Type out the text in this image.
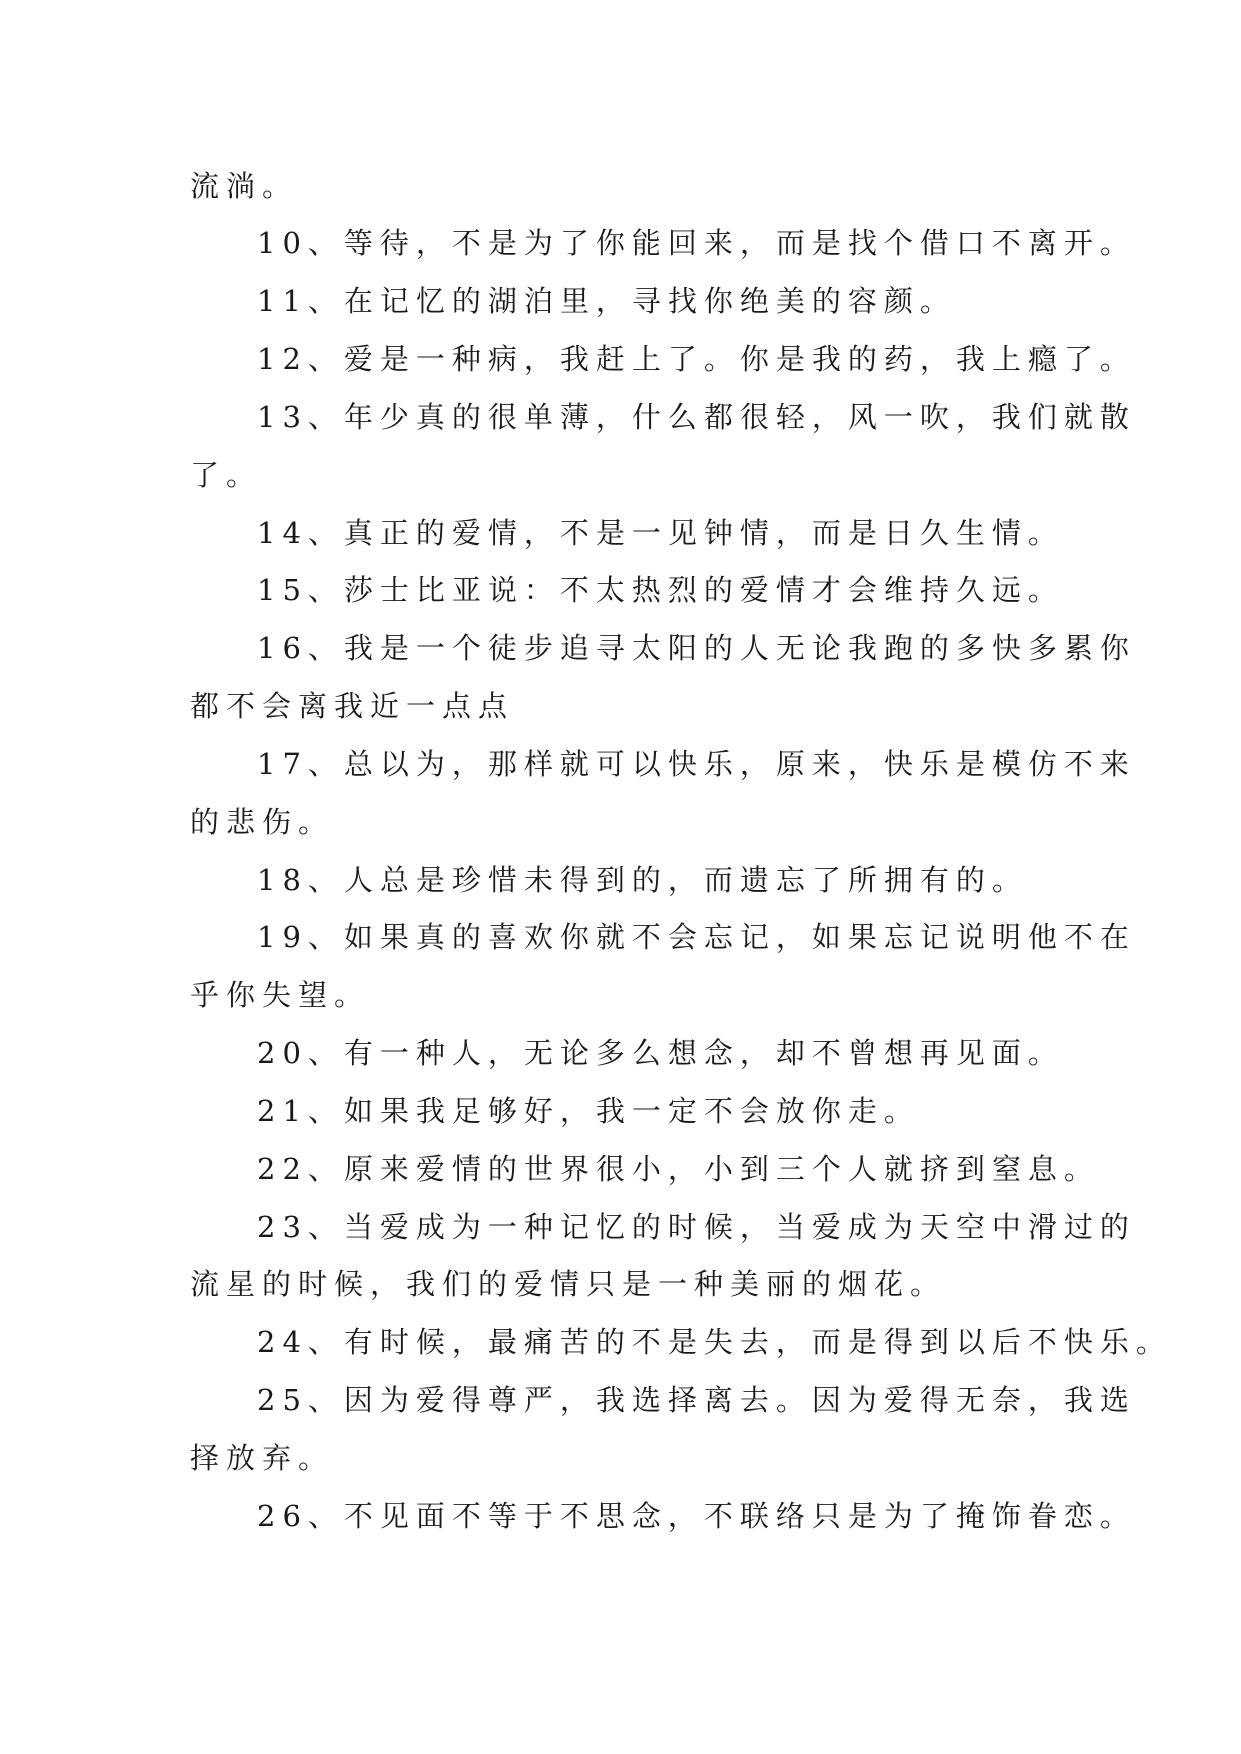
流淌。
10、等待，不是为了你能回来，而是找个借口不离开。
11、在记忆的湖泊里，寻找你绝美的容颜。
12、爱是一种病，我赶上了。你是我的药，我上瘾了。
13、年少真的很单薄，什么都很轻，风一吹，我们就散
了。
14、真正的爱情，不是一见钟情，而是日久生情。
15、莎士比亚说：不太热烈的爱情才会维持久远。
16、我是一个徒步追寻太阳的人无论我跑的多快多累你
都不会离我近一点点
17、总以为，那样就可以快乐，原来，快乐是模仿不来
的悲伤。
18、人总是珍惜未得到的，而遗忘了所拥有的。
19、如果真的喜欢你就不会忘记，如果忘记说明他不在
乎你失望。
20、有一种人，无论多么想念，却不曾想再见面。
21、如果我足够好，我一定不会放你走。
22、原来爱情的世界很小，小到三个人就挤到窒息。
23、当爱成为一种记忆的时候，当爱成为天空中滑过的
流星的时候，我们的爱情只是一种美丽的烟花。
24、有时候，最痛苦的不是失去，而是得到以后不快乐。
25、因为爱得尊严，我选择离去。因为爱得无奈，我选
择放弃。
26、不见面不等于不思念，不联络只是为了掩饰眷恋。
